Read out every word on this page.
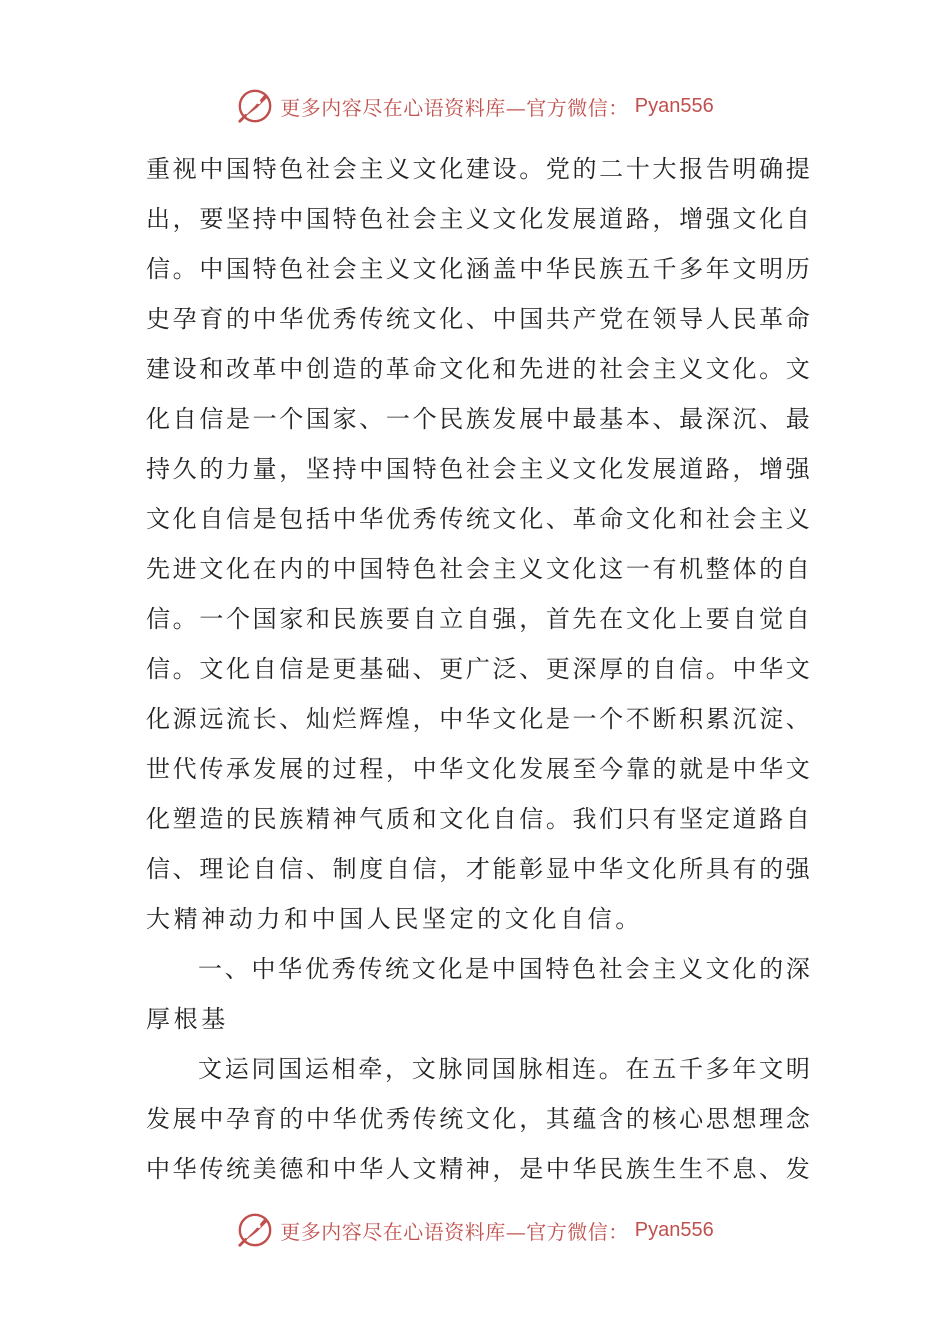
更多内容尽在心语资料库—官方微信： Pyan556
重 视 中 国 特 色 社 会 主 义 文 化 建 设 。 党 的 二 十 大 报 告 明 确 提
出 ， 要 坚 持 中 国 特 色 社 会 主 义 文 化 发 展 道 路 ， 增 强 文 化 自
信 。 中 国 特 色 社 会 主 义 文 化 涵 盖 中 华 民 族 五 千 多 年 文 明 历
史 孕 育 的 中 华 优 秀 传 统 文 化 、 中 国 共 产 党 在 领 导 人 民 革 命
建 设 和 改 革 中 创 造 的 革 命 文 化 和 先 进 的 社 会 主 义 文 化 。 文
化 自 信 是 一 个 国 家 、 一 个 民 族 发 展 中 最 基 本 、 最 深 沉 、 最
持 久 的 力 量 ， 坚 持 中 国 特 色 社 会 主 义 文 化 发 展 道 路 ， 增 强
文 化 自 信 是 包 括 中 华 优 秀 传 统 文 化 、 革 命 文 化 和 社 会 主 义
先 进 文 化 在 内 的 中 国 特 色 社 会 主 义 文 化 这 一 有 机 整 体 的 自
信 。 一 个 国 家 和 民 族 要 自 立 自 强 ， 首 先 在 文 化 上 要 自 觉 自
信 。 文 化 自 信 是 更 基 础 、 更 广 泛 、 更 深 厚 的 自 信 。 中 华 文
化 源 远 流 长 、 灿 烂 辉 煌 ， 中 华 文 化 是 一 个 不 断 积 累 沉 淀 、
世 代 传 承 发 展 的 过 程 ， 中 华 文 化 发 展 至 今 靠 的 就 是 中 华 文
化 塑 造 的 民 族 精 神 气 质 和 文 化 自 信 。 我 们 只 有 坚 定 道 路 自
信 、 理 论 自 信 、 制 度 自 信 ， 才 能 彰 显 中 华 文 化 所 具 有 的 强
大精神动力和中国人民坚定的文化自信。
一 、 中 华 优 秀 传 统 文 化 是 中 国 特 色 社 会 主 义 文 化 的 深
厚根基
文 运 同 国 运 相 牵 ， 文 脉 同 国 脉 相 连 。 在 五 千 多 年 文 明
发 展 中 孕 育 的 中 华 优 秀 传 统 文 化 ， 其 蕴 含 的 核 心 思 想 理 念
中 华 传 统 美 德 和 中 华 人 文 精 神 ， 是 中 华 民 族 生 生 不 息 、 发
更多内容尽在心语资料库—官方微信： Pyan556
